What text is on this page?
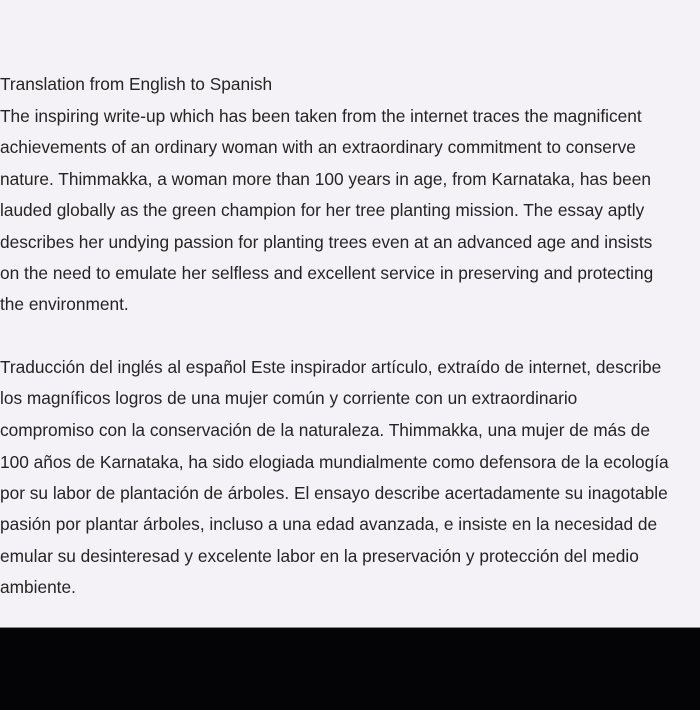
Translation from English to Spanish
The inspiring write-up which has been taken from the internet traces the magnificent
achievements of an ordinary woman with an extraordinary commitment to conserve
nature. Thimmakka, a woman more than 100 years in age, from Karnataka, has been
lauded globally as the green champion for her tree planting mission. The essay aptly
describes her undying passion for planting trees even at an advanced age and insists
on the need to emulate her selfless and excellent service in preserving and protecting
the environment.
Traducción del inglés al español Este inspirador artículo, extraído de internet, describe
los magníficos logros de una mujer común y corriente con un extraordinario
compromiso con la conservación de la naturaleza. Thimmakka, una mujer de más de
100 años de Karnataka, ha sido elogiada mundialmente como defensora de la ecología
por su labor de plantación de árboles. El ensayo describe acertadamente su inagotable
pasión por plantar árboles, incluso a una edad avanzada, e insiste en la necesidad de
emular su desinteresad y excelente labor en la preservación y protección del medio
ambiente.
